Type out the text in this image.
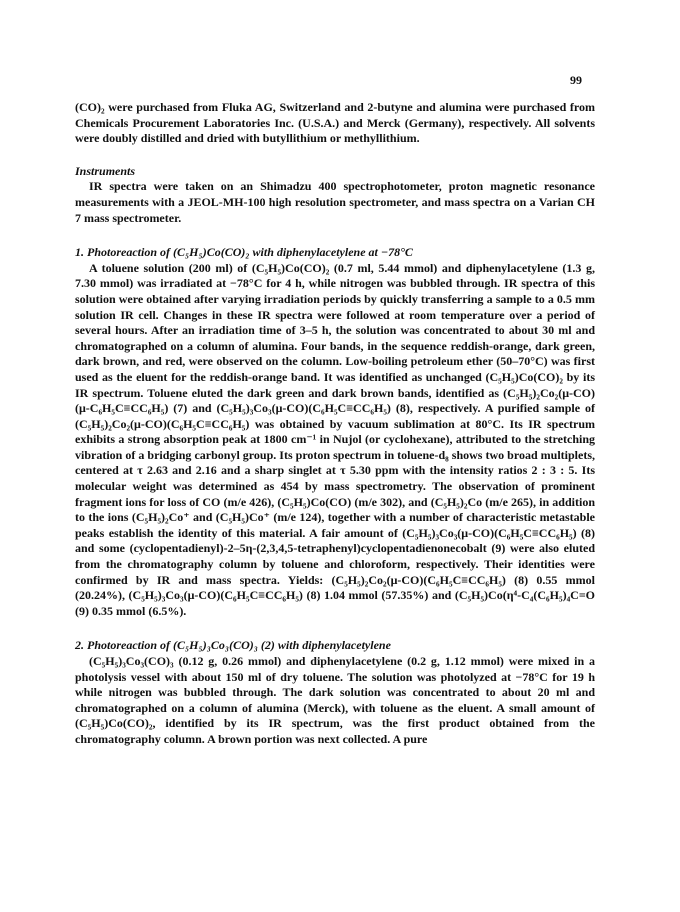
99

(CO)₂ were purchased from Fluka AG, Switzerland and 2-butyne and alumina were purchased from Chemicals Procurement Laboratories Inc. (U.S.A.) and Merck (Germany), respectively. All solvents were doubly distilled and dried with butyllithium or methyllithium.

Instruments

IR spectra were taken on an Shimadzu 400 spectrophotometer, proton magnetic resonance measurements with a JEOL-MH-100 high resolution spectrometer, and mass spectra on a Varian CH 7 mass spectrometer.

1. Photoreaction of (C₅H₅)Co(CO)₂ with diphenylacetylene at −78°C

A toluene solution (200 ml) of (C₅H₅)Co(CO)₂ (0.7 ml, 5.44 mmol) and diphenylacetylene (1.3 g, 7.30 mmol) was irradiated at −78°C for 4 h, while nitrogen was bubbled through. IR spectra of this solution were obtained after varying irradiation periods by quickly transferring a sample to a 0.5 mm solution IR cell. Changes in these IR spectra were followed at room temperature over a period of several hours. After an irradiation time of 3–5 h, the solution was concentrated to about 30 ml and chromatographed on a column of alumina. Four bands, in the sequence reddish-orange, dark green, dark brown, and red, were observed on the column. Low-boiling petroleum ether (50–70°C) was first used as the eluent for the reddish-orange band. It was identified as unchanged (C₅H₅)Co(CO)₂ by its IR spectrum. Toluene eluted the dark green and dark brown bands, identified as (C₅H₅)₂Co₂(μ-CO)(μ-C₆H₅C≡CC₆H₅) (7) and (C₅H₅)₃Co₃(μ-CO)(C₆H₅C≡CC₆H₅) (8), respectively. A purified sample of (C₅H₅)₂Co₂(μ-CO)(C₆H₅C≡CC₆H₅) was obtained by vacuum sublimation at 80°C. Its IR spectrum exhibits a strong absorption peak at 1800 cm⁻¹ in Nujol (or cyclohexane), attributed to the stretching vibration of a bridging carbonyl group. Its proton spectrum in toluene-d₈ shows two broad multiplets, centered at τ 2.63 and 2.16 and a sharp singlet at τ 5.30 ppm with the intensity ratios 2 : 3 : 5. Its molecular weight was determined as 454 by mass spectrometry. The observation of prominent fragment ions for loss of CO (m/e 426), (C₅H₅)Co(CO) (m/e 302), and (C₅H₅)₂Co (m/e 265), in addition to the ions (C₅H₅)₂Co⁺ and (C₅H₅)Co⁺ (m/e 124), together with a number of characteristic metastable peaks establish the identity of this material. A fair amount of (C₅H₅)₃Co₃(μ-CO)(C₆H₅C≡CC₆H₅) (8) and some (cyclopentadienyl)-2–5η-(2,3,4,5-tetraphenyl)cyclopentadienonecobalt (9) were also eluted from the chromatography column by toluene and chloroform, respectively. Their identities were confirmed by IR and mass spectra. Yields: (C₅H₅)₂Co₂(μ-CO)(C₆H₅C≡CC₆H₅) (8) 0.55 mmol (20.24%), (C₅H₅)₃Co₃(μ-CO)(C₆H₅C≡CC₆H₅) (8) 1.04 mmol (57.35%) and (C₅H₅)Co(η⁴-C₄(C₆H₅)₄C=O (9) 0.35 mmol (6.5%).

2. Photoreaction of (C₅H₅)₃Co₃(CO)₃ (2) with diphenylacetylene

(C₅H₅)₃Co₃(CO)₃ (0.12 g, 0.26 mmol) and diphenylacetylene (0.2 g, 1.12 mmol) were mixed in a photolysis vessel with about 150 ml of dry toluene. The solution was photolyzed at −78°C for 19 h while nitrogen was bubbled through. The dark solution was concentrated to about 20 ml and chromatographed on a column of alumina (Merck), with toluene as the eluent. A small amount of (C₅H₅)Co(CO)₂, identified by its IR spectrum, was the first product obtained from the chromatography column. A brown portion was next collected. A pure
